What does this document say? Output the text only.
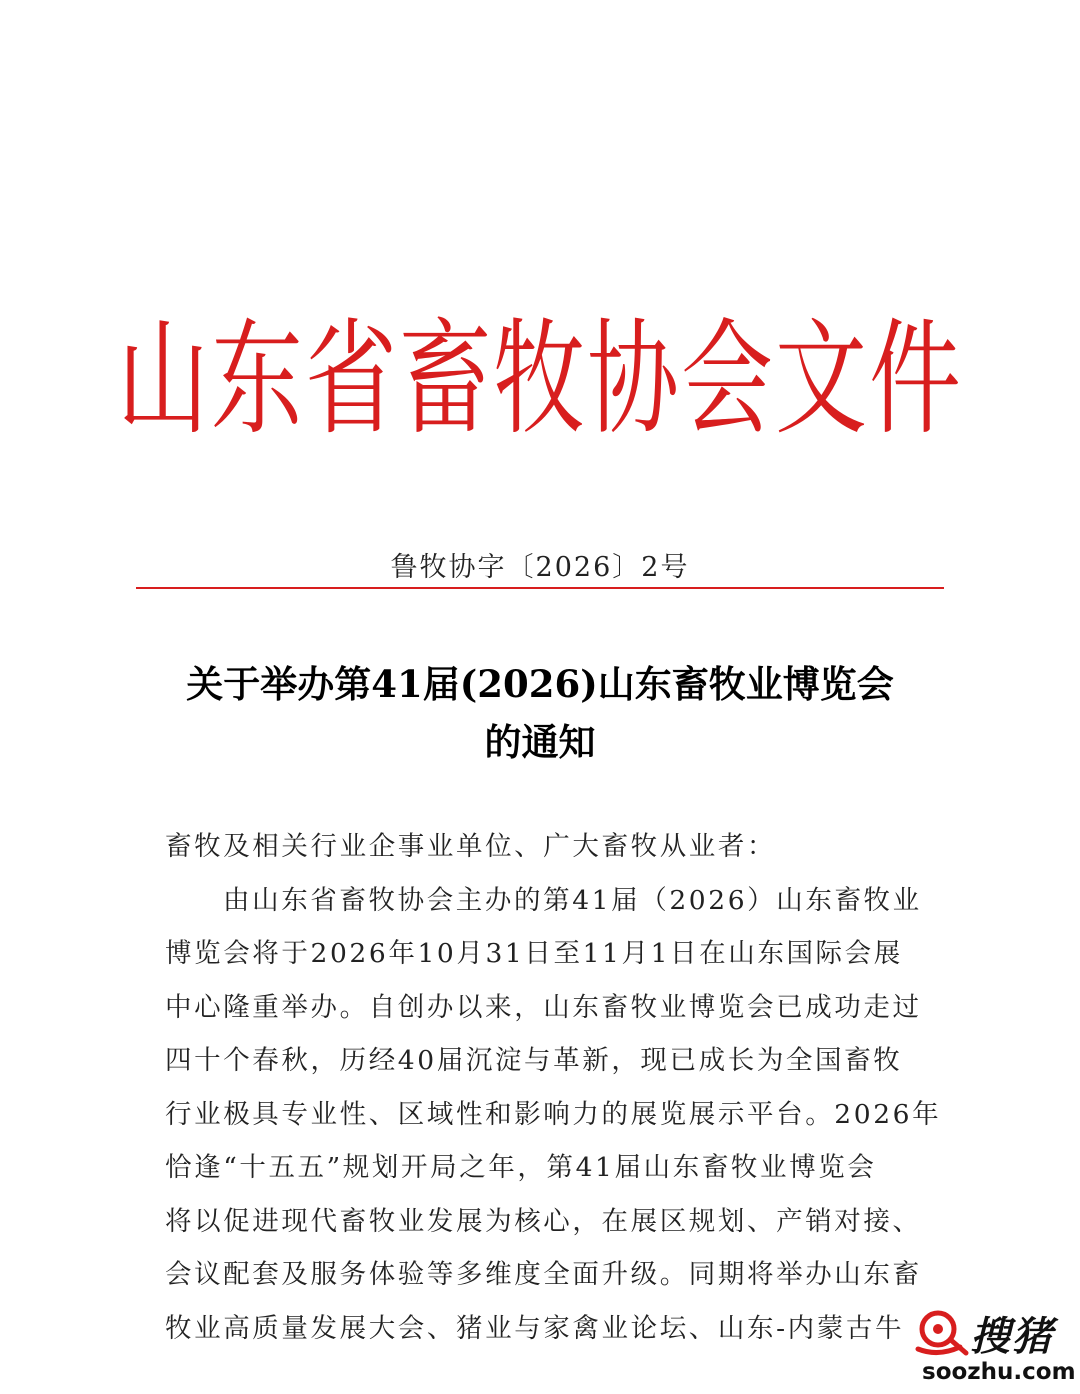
山东省畜牧协会文件
鲁牧协字〔2026〕2号
关于举办第41届(2026)山东畜牧业博览会
的通知
畜牧及相关行业企事业单位、广大畜牧从业者：
由山东省畜牧协会主办的第41届（2026）山东畜牧业
博览会将于2026年10月31日至11月1日在山东国际会展
中心隆重举办。自创办以来，山东畜牧业博览会已成功走过
四十个春秋，历经40届沉淀与革新，现已成长为全国畜牧
行业极具专业性、区域性和影响力的展览展示平台。2026年
恰逢“十五五”规划开局之年，第41届山东畜牧业博览会
将以促进现代畜牧业发展为核心，在展区规划、产销对接、
会议配套及服务体验等多维度全面升级。同期将举办山东畜
牧业高质量发展大会、猪业与家禽业论坛、山东-内蒙古牛	搜猪
soozhu.com
